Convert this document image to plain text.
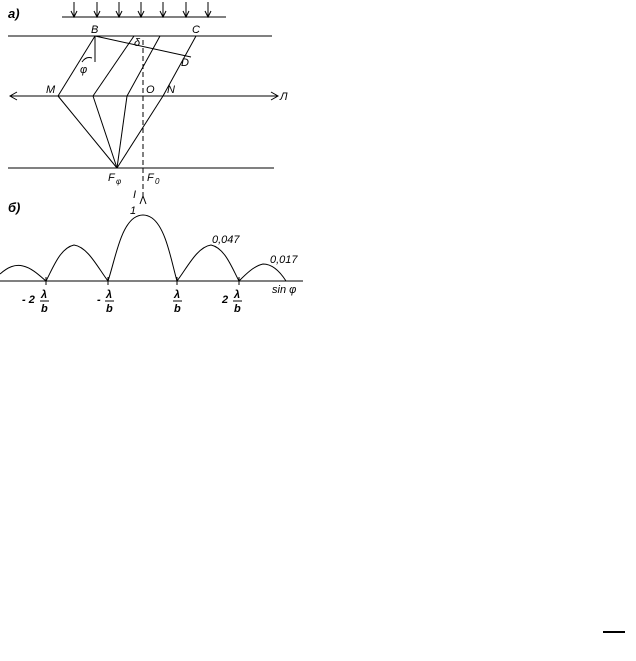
а)
B	C
D
M	O N
Л
δ
φ
F φ F 0
б)
I
1
0,047
0,017
sin φ
- 2 λ
b
- λ
b
λ
b
2 λ
b
